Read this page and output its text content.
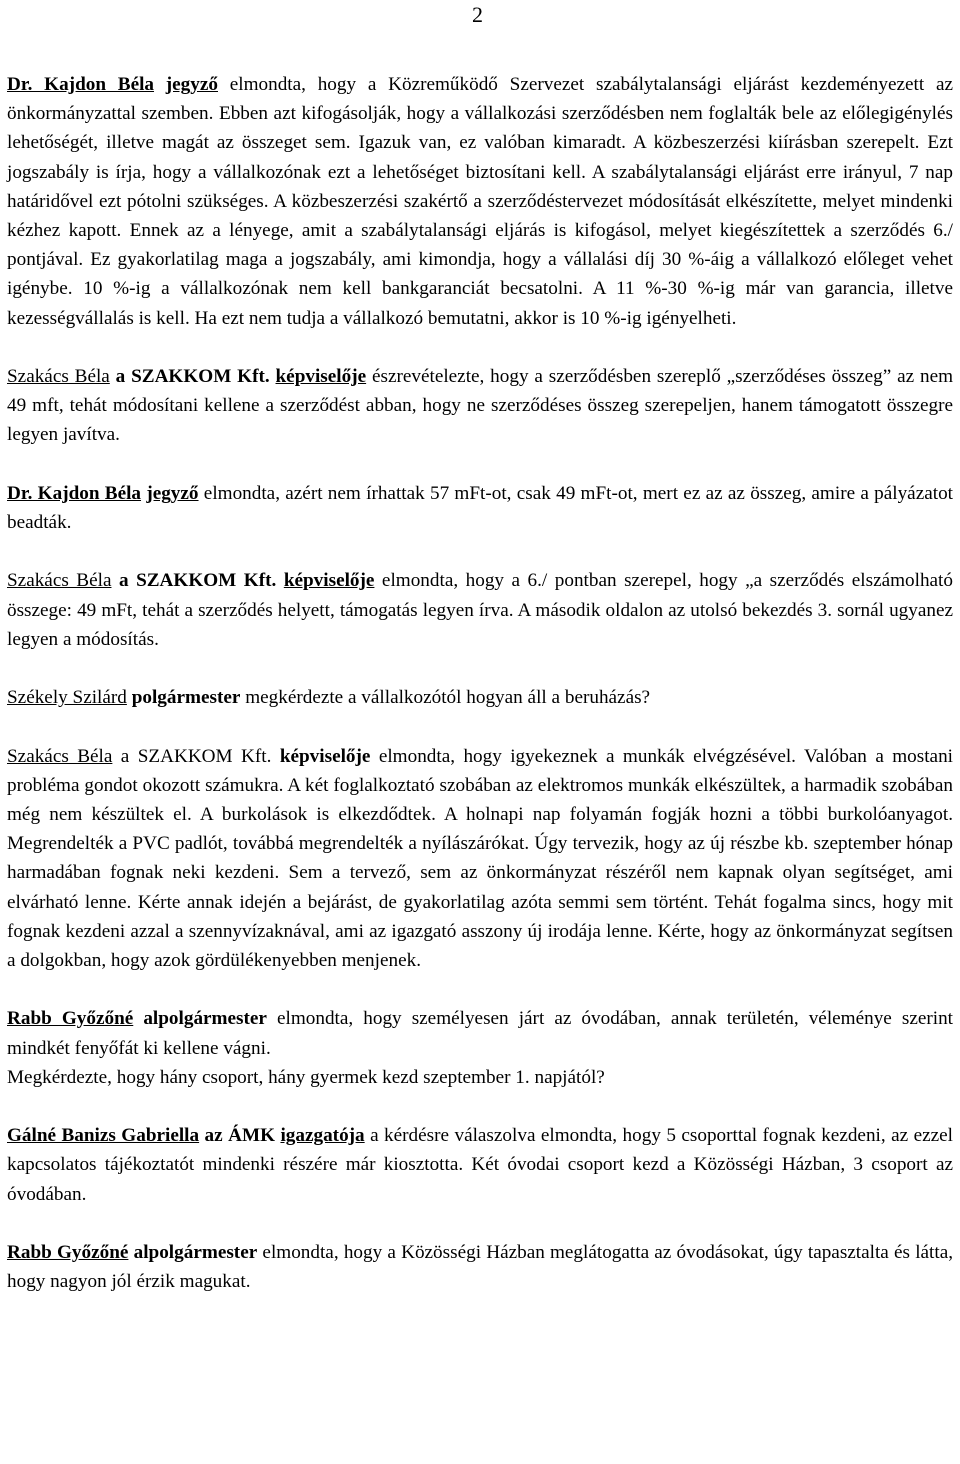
2

Dr. Kajdon Béla jegyző elmondta, hogy a Közreműködő Szervezet szabálytalansági eljárást kezdeményezett az önkormányzattal szemben. Ebben azt kifogásolják, hogy a vállalkozási szerződésben nem foglalták bele az előlegigénylés lehetőségét, illetve magát az összeget sem. Igazuk van, ez valóban kimaradt. A közbeszerzési kiírásban szerepelt. Ezt jogszabály is írja, hogy a vállalkozónak ezt a lehetőséget biztosítani kell. A szabálytalansági eljárást erre irányul, 7 nap határidővel ezt pótolni szükséges. A közbeszerzési szakértő a szerződéstervezet módosítását elkészítette, melyet mindenki kézhez kapott. Ennek az a lényege, amit a szabálytalansági eljárás is kifogásol, melyet kiegészítettek a szerződés 6./ pontjával. Ez gyakorlatilag maga a jogszabály, ami kimondja, hogy a vállalási díj 30 %-áig a vállalkozó előleget vehet igénybe. 10 %-ig a vállalkozónak nem kell bankgaranciát becsatolni. A 11 %-30 %-ig már van garancia, illetve kezességvállalás is kell. Ha ezt nem tudja a vállalkozó bemutatni, akkor is 10 %-ig igényelheti.

Szakács Béla a SZAKKOM Kft. képviselője észrevételezte, hogy a szerződésben szereplő „szerződéses összeg” az nem 49 mft, tehát módosítani kellene a szerződést abban, hogy ne szerződéses összeg szerepeljen, hanem támogatott összegre legyen javítva.

Dr. Kajdon Béla jegyző elmondta, azért nem írhattak 57 mFt-ot, csak 49 mFt-ot, mert ez az az összeg, amire a pályázatot beadták.

Szakács Béla a SZAKKOM Kft. képviselője elmondta, hogy a 6./ pontban szerepel, hogy „a szerződés elszámolható összege: 49 mFt, tehát a szerződés helyett, támogatás legyen írva. A második oldalon az utolsó bekezdés 3. sornál ugyanez legyen a módosítás.

Székely Szilárd polgármester megkérdezte a vállalkozótól hogyan áll a beruházás?

Szakács Béla a SZAKKOM Kft. képviselője elmondta, hogy igyekeznek a munkák elvégzésével. Valóban a mostani probléma gondot okozott számukra. A két foglalkoztató szobában az elektromos munkák elkészültek, a harmadik szobában még nem készültek el. A burkolások is elkezdődtek. A holnapi nap folyamán fogják hozni a többi burkolóanyagot. Megrendelték a PVC padlót, továbbá megrendelték a nyílászárókat. Úgy tervezik, hogy az új részbe kb. szeptember hónap harmadában fognak neki kezdeni. Sem a tervező, sem az önkormányzat részéről nem kapnak olyan segítséget, ami elvárható lenne. Kérte annak idején a bejárást, de gyakorlatilag azóta semmi sem történt. Tehát fogalma sincs, hogy mit fognak kezdeni azzal a szennyvízaknával, ami az igazgató asszony új irodája lenne. Kérte, hogy az önkormányzat segítsen a dolgokban, hogy azok gördülékenyebben menjenek.

Rabb Győzőné alpolgármester elmondta, hogy személyesen járt az óvodában, annak területén, véleménye szerint mindkét fenyőfát ki kellene vágni.

Megkérdezte, hogy hány csoport, hány gyermek kezd szeptember 1. napjától?

Gálné Banizs Gabriella az ÁMK igazgatója a kérdésre válaszolva elmondta, hogy 5 csoporttal fognak kezdeni, az ezzel kapcsolatos tájékoztatót mindenki részére már kiosztotta. Két óvodai csoport kezd a Közösségi Házban, 3 csoport az óvodában.

Rabb Győzőné alpolgármester elmondta, hogy a Közösségi Házban meglátogatta az óvodásokat, úgy tapasztalta és látta, hogy nagyon jól érzik magukat.
